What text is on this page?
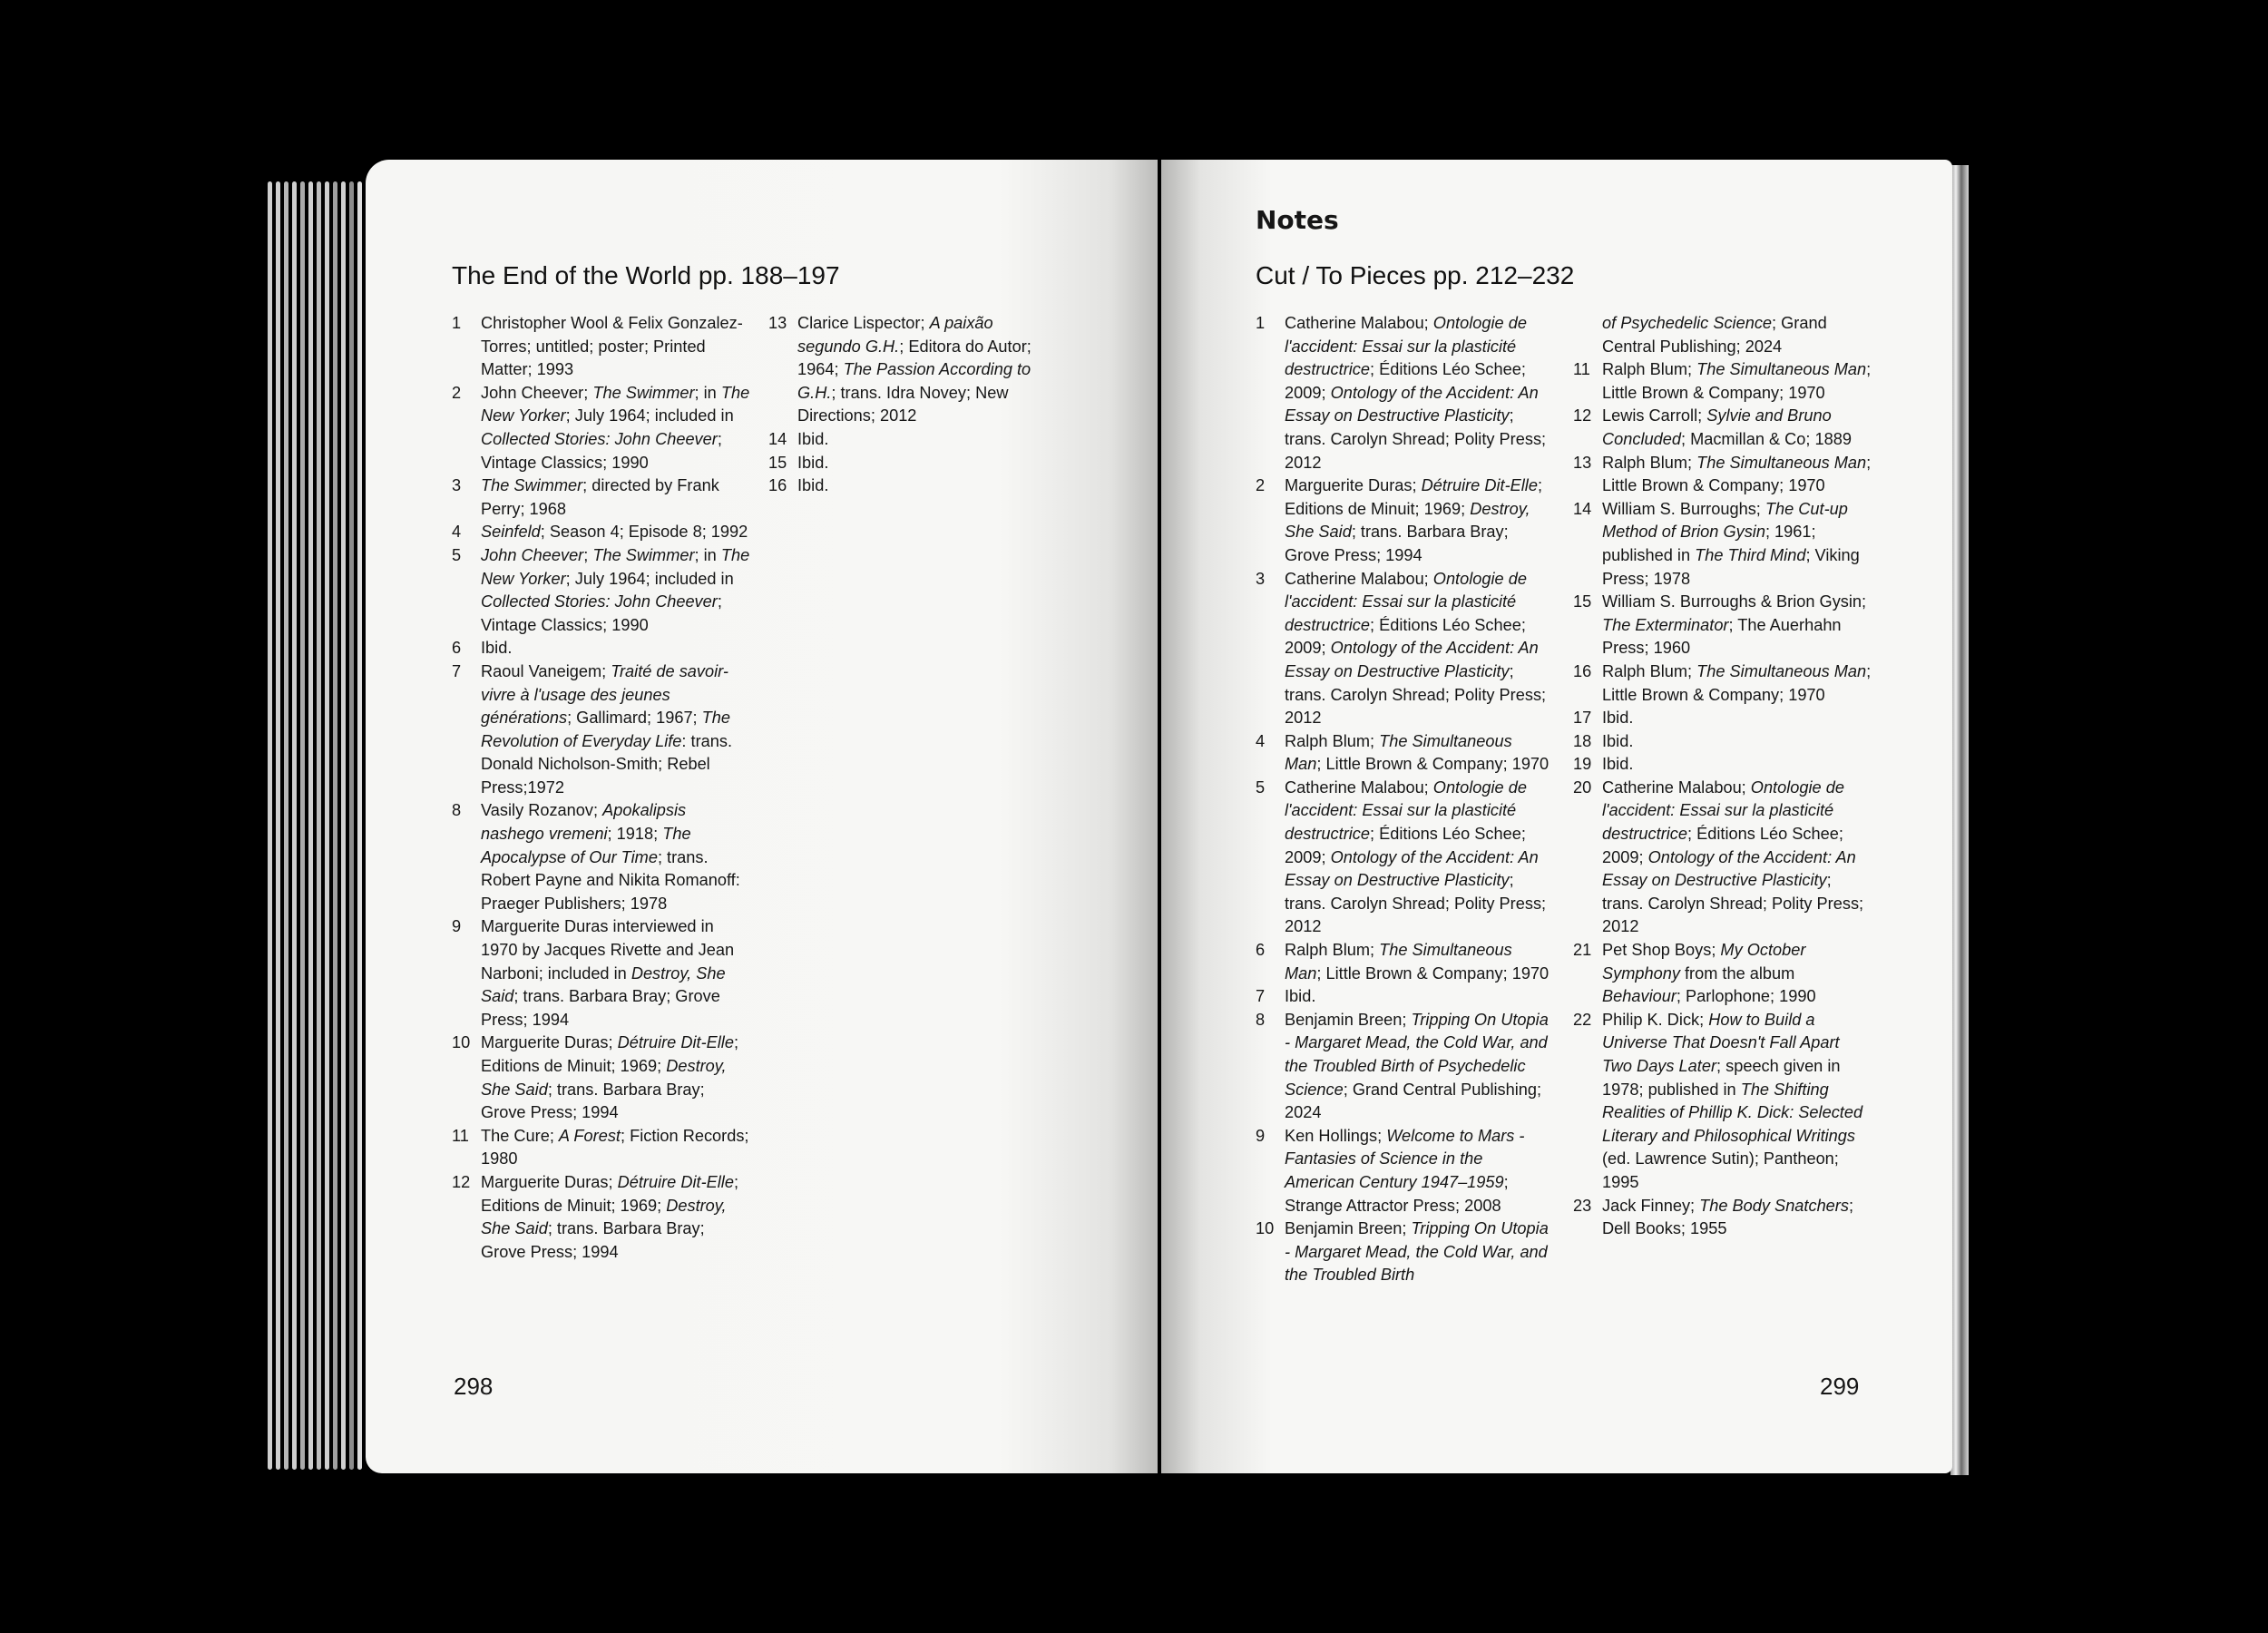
The End of the World pp. 188–197
1	Christopher Wool & Felix Gonzalez-Torres; untitled; poster; Printed Matter; 1993
2	John Cheever; The Swimmer; in The New Yorker; July 1964; included in Collected Stories: John Cheever; Vintage Classics; 1990
3	The Swimmer; directed by Frank Perry; 1968
4	Seinfeld; Season 4; Episode 8; 1992
5	John Cheever; The Swimmer; in The New Yorker; July 1964; included in Collected Stories: John Cheever; Vintage Classics; 1990
6	Ibid.
7	Raoul Vaneigem; Traité de savoir-vivre à l'usage des jeunes générations; Gallimard; 1967; The Revolution of Everyday Life: trans. Donald Nicholson-Smith; Rebel Press;1972
8	Vasily Rozanov; Apokalipsis nashego vremeni; 1918; The Apocalypse of Our Time; trans. Robert Payne and Nikita Romanoff: Praeger Publishers; 1978
9	Marguerite Duras interviewed in 1970 by Jacques Rivette and Jean Narboni; included in Destroy, She Said; trans. Barbara Bray; Grove Press; 1994
10 Marguerite Duras; Détruire Dit-Elle; Editions de Minuit; 1969; Destroy, She Said; trans. Barbara Bray; Grove Press; 1994
11 The Cure; A Forest; Fiction Records; 1980
12 Marguerite Duras; Détruire Dit-Elle; Editions de Minuit; 1969; Destroy, She Said; trans. Barbara Bray; Grove Press; 1994
13 Clarice Lispector; A paixão segundo G.H.; Editora do Autor; 1964; The Passion According to G.H.; trans. Idra Novey; New Directions; 2012
14 Ibid.
15 Ibid.
16 Ibid.
298
Notes
Cut / To Pieces pp. 212–232
1	Catherine Malabou; Ontologie de l'accident: Essai sur la plasticité destructrice; Éditions Léo Schee; 2009; Ontology of the Accident: An Essay on Destructive Plasticity; trans. Carolyn Shread; Polity Press; 2012
2	Marguerite Duras; Détruire Dit-Elle; Editions de Minuit; 1969; Destroy, She Said; trans. Barbara Bray; Grove Press; 1994
3	Catherine Malabou; Ontologie de l'accident: Essai sur la plasticité destructrice; Éditions Léo Schee; 2009; Ontology of the Accident: An Essay on Destructive Plasticity; trans. Carolyn Shread; Polity Press; 2012
4	Ralph Blum; The Simultaneous Man; Little Brown & Company; 1970
5	Catherine Malabou; Ontologie de l'accident: Essai sur la plasticité destructrice; Éditions Léo Schee; 2009; Ontology of the Accident: An Essay on Destructive Plasticity; trans. Carolyn Shread; Polity Press; 2012
6	Ralph Blum; The Simultaneous Man; Little Brown & Company; 1970
7	Ibid.
8	Benjamin Breen; Tripping On Utopia - Margaret Mead, the Cold War, and the Troubled Birth of Psychedelic Science; Grand Central Publishing; 2024
9	Ken Hollings; Welcome to Mars - Fantasies of Science in the American Century 1947–1959; Strange Attractor Press; 2008
10 Benjamin Breen; Tripping On Utopia - Margaret Mead, the Cold War, and the Troubled Birth
of Psychedelic Science; Grand Central Publishing; 2024
11 Ralph Blum; The Simultaneous Man; Little Brown & Company; 1970
12 Lewis Carroll; Sylvie and Bruno Concluded; Macmillan & Co; 1889
13 Ralph Blum; The Simultaneous Man; Little Brown & Company; 1970
14 William S. Burroughs; The Cut-up Method of Brion Gysin; 1961; published in The Third Mind; Viking Press; 1978
15 William S. Burroughs & Brion Gysin; The Exterminator; The Auerhahn Press; 1960
16 Ralph Blum; The Simultaneous Man; Little Brown & Company; 1970
17 Ibid.
18 Ibid.
19 Ibid.
20 Catherine Malabou; Ontologie de l'accident: Essai sur la plasticité destructrice; Éditions Léo Schee; 2009; Ontology of the Accident: An Essay on Destructive Plasticity; trans. Carolyn Shread; Polity Press; 2012
21 Pet Shop Boys; My October Symphony from the album Behaviour; Parlophone; 1990
22 Philip K. Dick; How to Build a Universe That Doesn't Fall Apart Two Days Later; speech given in 1978; published in The Shifting Realities of Phillip K. Dick: Selected Literary and Philosophical Writings (ed. Lawrence Sutin); Pantheon; 1995
23 Jack Finney; The Body Snatchers; Dell Books; 1955
299
